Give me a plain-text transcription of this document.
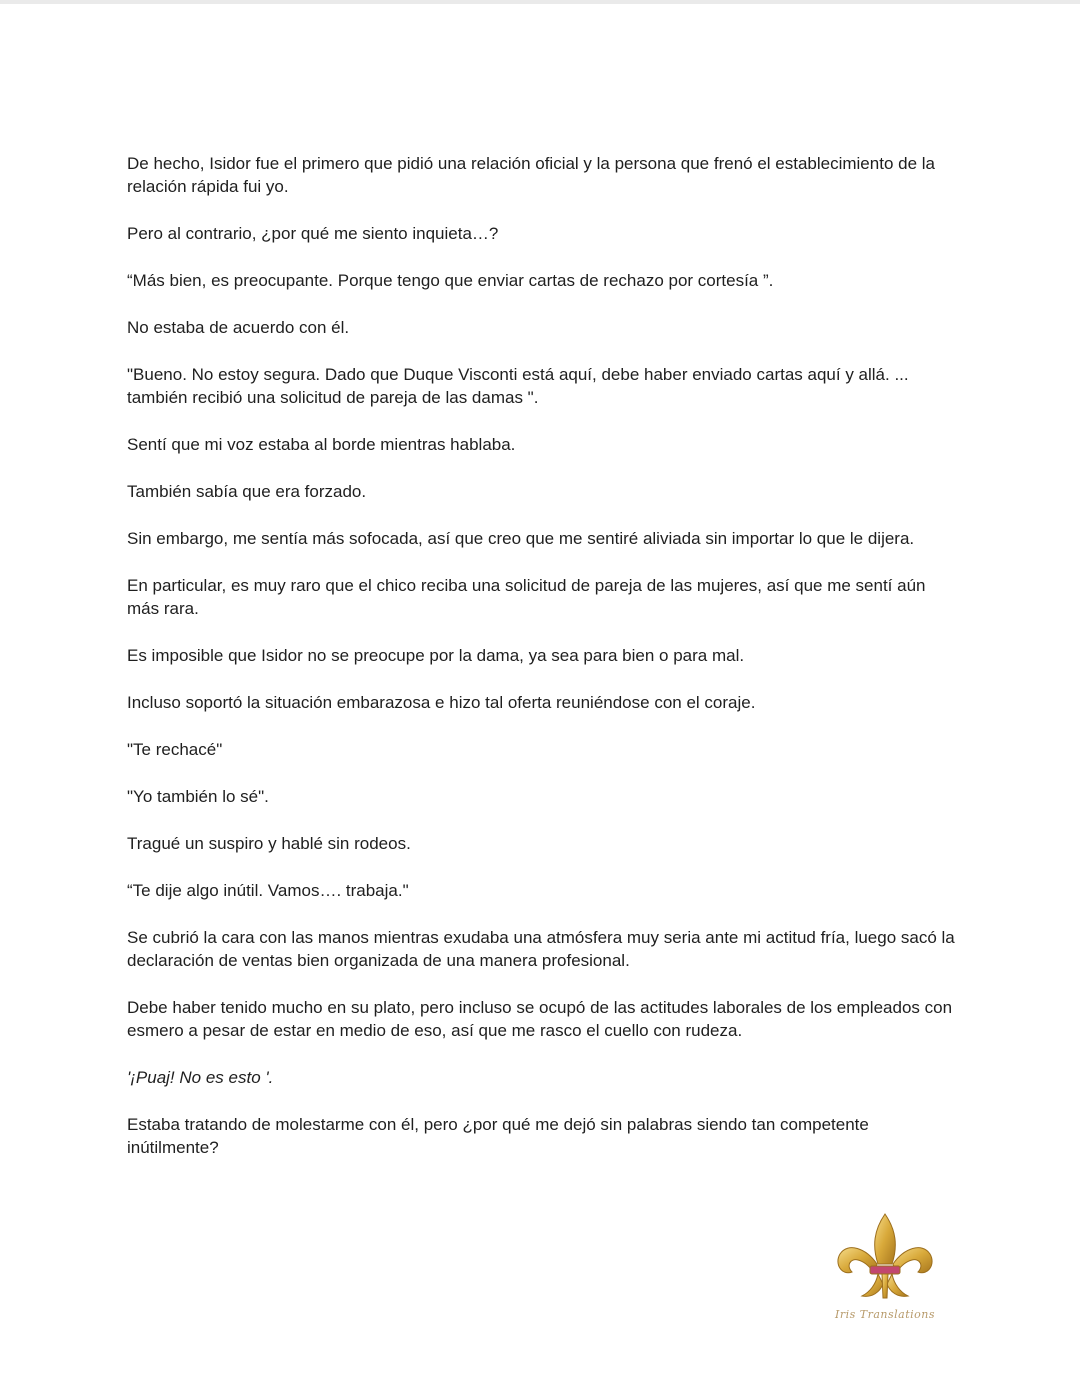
De hecho, Isidor fue el primero que pidió una relación oficial y la persona que frenó el establecimiento de la relación rápida fui yo.

Pero al contrario, ¿por qué me siento inquieta…?

“Más bien, es preocupante. Porque tengo que enviar cartas de rechazo por cortesía ”.

No estaba de acuerdo con él.

"Bueno. No estoy segura. Dado que Duque Visconti está aquí, debe haber enviado cartas aquí y allá. ... también recibió una solicitud de pareja de las damas ".

Sentí que mi voz estaba al borde mientras hablaba.

También sabía que era forzado.

Sin embargo, me sentía más sofocada, así que creo que me sentiré aliviada sin importar lo que le dijera.

En particular, es muy raro que el chico reciba una solicitud de pareja de las mujeres, así que me sentí aún más rara.

Es imposible que Isidor no se preocupe por la dama, ya sea para bien o para mal.

Incluso soportó la situación embarazosa e hizo tal oferta reuniéndose con el coraje.

"Te rechacé"

"Yo también lo sé".

Tragué un suspiro y hablé sin rodeos.

“Te dije algo inútil. Vamos…. trabaja."

Se cubrió la cara con las manos mientras exudaba una atmósfera muy seria ante mi actitud fría, luego sacó la declaración de ventas bien organizada de una manera profesional.

Debe haber tenido mucho en su plato, pero incluso se ocupó de las actitudes laborales de los empleados con esmero a pesar de estar en medio de eso, así que me rasco el cuello con rudeza.

'¡Puaj! No es esto '.

Estaba tratando de molestarme con él, pero ¿por qué me dejó sin palabras siendo tan competente inútilmente?

Iris Translations
